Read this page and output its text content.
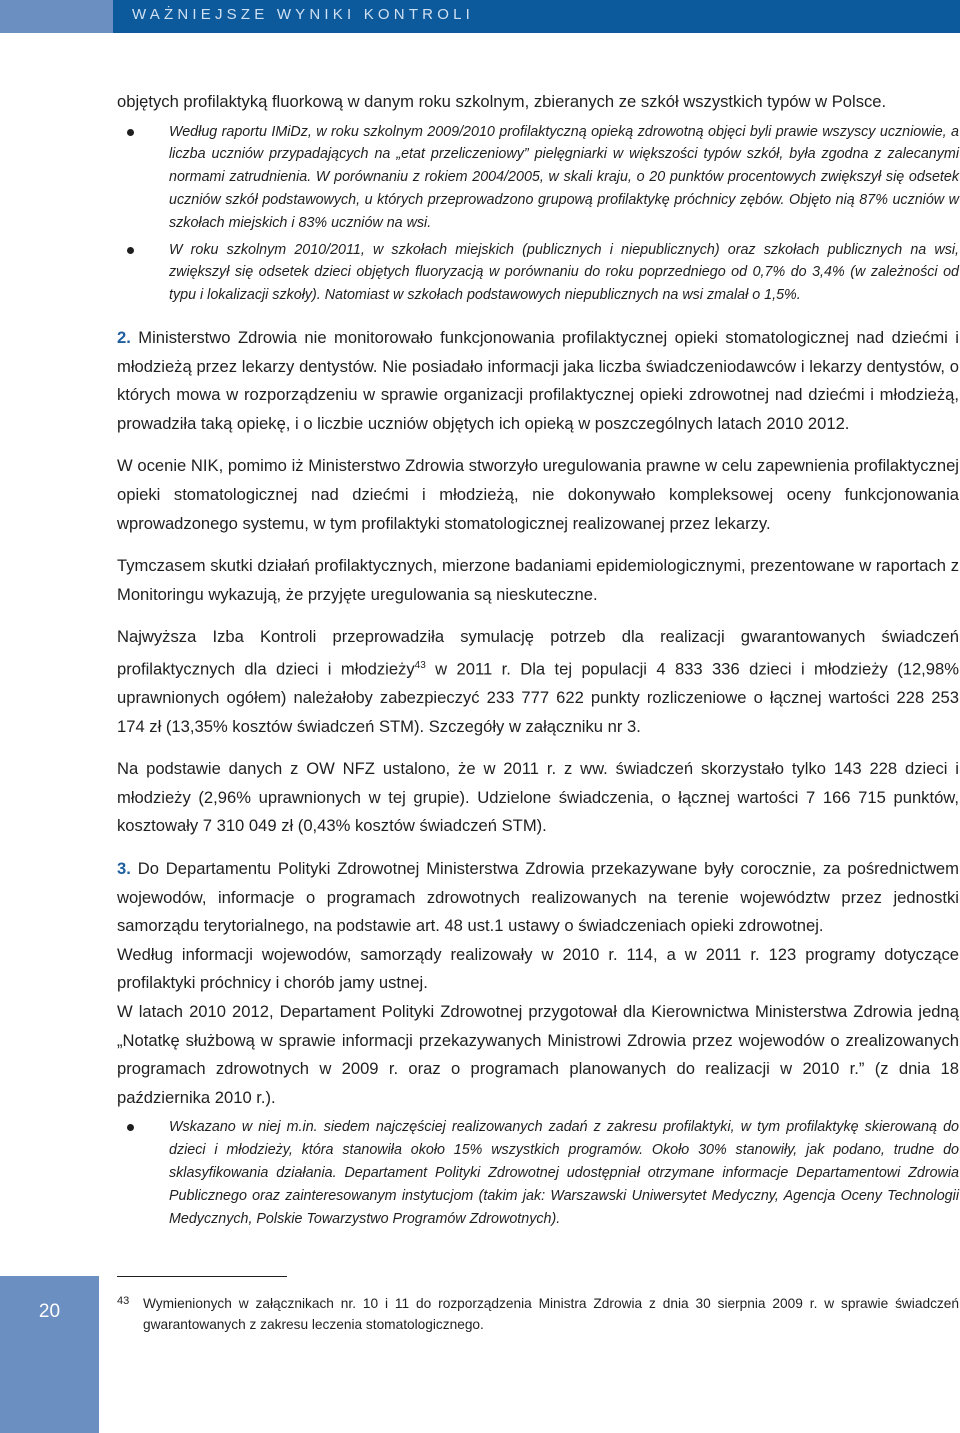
WAŻNIEJSZE WYNIKI KONTROLI

objętych profilaktyką fluorkową w danym roku szkolnym, zbieranych ze szkół wszystkich typów w Polsce.

Według raportu IMiDz, w roku szkolnym 2009/2010 profilaktyczną opieką zdrowotną objęci byli prawie wszyscy uczniowie, a liczba uczniów przypadających na „etat przeliczeniowy” pielęgniarki w większości typów szkół, była zgodna z zalecanymi normami zatrudnienia. W porównaniu z rokiem 2004/2005, w skali kraju, o 20 punktów procentowych zwiększył się odsetek uczniów szkół podstawowych, u których przeprowadzono grupową profilaktykę próchnicy zębów. Objęto nią 87% uczniów w szkołach miejskich i 83% uczniów na wsi.
W roku szkolnym 2010/2011, w szkołach miejskich (publicznych i niepublicznych) oraz szkołach publicznych na wsi, zwiększył się odsetek dzieci objętych fluoryzacją w porównaniu do roku poprzedniego od 0,7% do 3,4% (w zależności od typu i lokalizacji szkoły). Natomiast w szkołach podstawowych niepublicznych na wsi zmalał o 1,5%.

2. Ministerstwo Zdrowia nie monitorowało funkcjonowania profilaktycznej opieki stomatologicznej nad dziećmi i młodzieżą przez lekarzy dentystów. Nie posiadało informacji jaka liczba świadczeniodawców i lekarzy dentystów, o których mowa w rozporządzeniu w sprawie organizacji profilaktycznej opieki zdrowotnej nad dziećmi i młodzieżą, prowadziła taką opiekę, i o liczbie uczniów objętych ich opieką w poszczególnych latach 2010 2012.

W ocenie NIK, pomimo iż Ministerstwo Zdrowia stworzyło uregulowania prawne w celu zapewnienia profilaktycznej opieki stomatologicznej nad dziećmi i młodzieżą, nie dokonywało kompleksowej oceny funkcjonowania wprowadzonego systemu, w tym profilaktyki stomatologicznej realizowanej przez lekarzy.

Tymczasem skutki działań profilaktycznych, mierzone badaniami epidemiologicznymi, prezentowane w raportach z Monitoringu wykazują, że przyjęte uregulowania są nieskuteczne.

Najwyższa Izba Kontroli przeprowadziła symulację potrzeb dla realizacji gwarantowanych świadczeń profilaktycznych dla dzieci i młodzieży$^{43}$ w 2011 r. Dla tej populacji 4 833 336 dzieci i młodzieży (12,98% uprawnionych ogółem) należałoby zabezpieczyć 233 777 622 punkty rozliczeniowe o łącznej wartości 228 253 174 zł (13,35% kosztów świadczeń STM). Szczegóły w załączniku nr 3.

Na podstawie danych z OW NFZ ustalono, że w 2011 r. z ww. świadczeń skorzystało tylko 143 228 dzieci i młodzieży (2,96% uprawnionych w tej grupie). Udzielone świadczenia, o łącznej wartości 7 166 715 punktów, kosztowały 7 310 049 zł (0,43% kosztów świadczeń STM).

3. Do Departamentu Polityki Zdrowotnej Ministerstwa Zdrowia przekazywane były corocznie, za pośrednictwem wojewodów, informacje o programach zdrowotnych realizowanych na terenie województw przez jednostki samorządu terytorialnego, na podstawie art. 48 ust.1 ustawy o świadczeniach opieki zdrowotnej.

Według informacji wojewodów, samorządy realizowały w 2010 r. 114, a w 2011 r. 123 programy dotyczące profilaktyki próchnicy i chorób jamy ustnej.

W latach 2010 2012, Departament Polityki Zdrowotnej przygotował dla Kierownictwa Ministerstwa Zdrowia jedną „Notatkę służbową w sprawie informacji przekazywanych Ministrowi Zdrowia przez wojewodów o zrealizowanych programach zdrowotnych w 2009 r. oraz o programach planowanych do realizacji w 2010 r.” (z dnia 18 października 2010 r.).

Wskazano w niej m.in. siedem najczęściej realizowanych zadań z zakresu profilaktyki, w tym profilaktykę skierowaną do dzieci i młodzieży, która stanowiła około 15% wszystkich programów. Około 30% stanowiły, jak podano, trudne do sklasyfikowania działania. Departament Polityki Zdrowotnej udostępniał otrzymane informacje Departamentowi Zdrowia Publicznego oraz zainteresowanym instytucjom (takim jak: Warszawski Uniwersytet Medyczny, Agencja Oceny Technologii Medycznych, Polskie Towarzystwo Programów Zdrowotnych).
20	43 Wymienionych w załącznikach nr. 10 i 11 do rozporządzenia Ministra Zdrowia z dnia 30 sierpnia 2009 r. w sprawie świadczeń gwarantowanych z zakresu leczenia stomatologicznego.
